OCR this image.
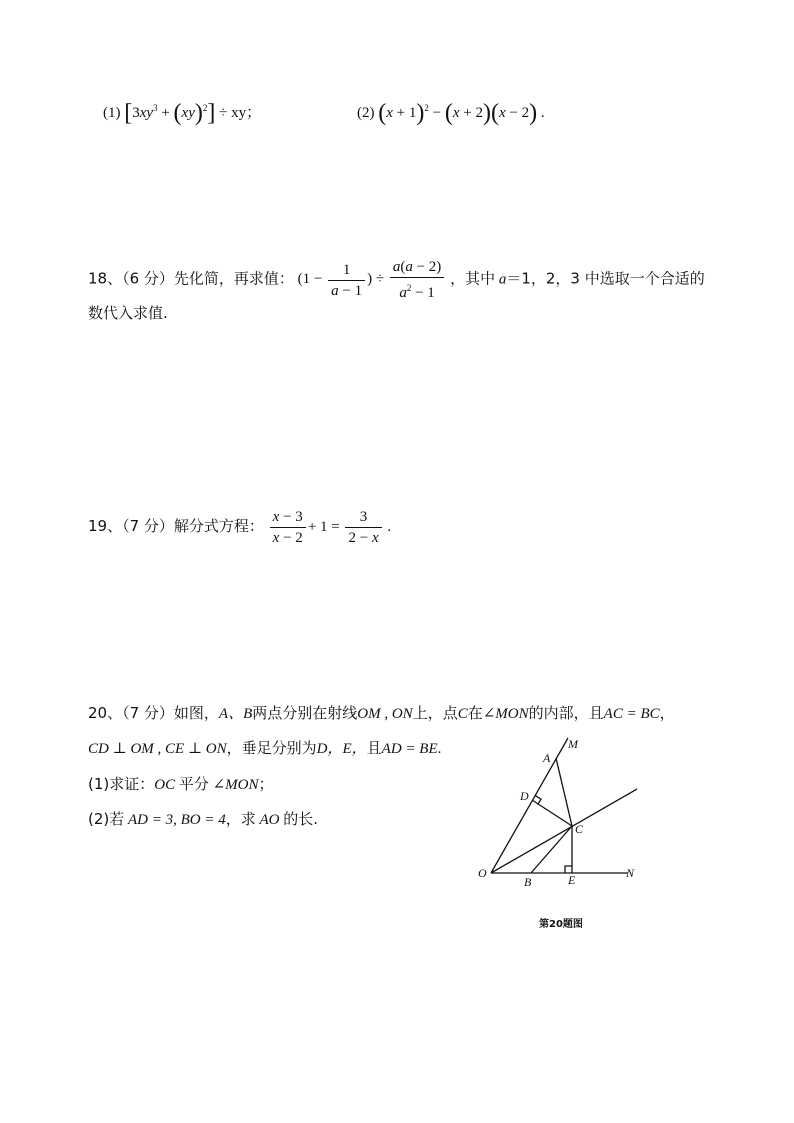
(1) $[3xy^3 + (xy)^2]$ ÷ xy；	(2) $(x + 1)^2 - (x + 2)(x - 2)$ .
18、（6 分）先化简，再求值： ($1 - \frac{1}{a - 1}$ ) ÷ $\frac{a(a - 2)}{a^2 - 1}$ ，其中 a＝1，2，3 中选取一个合适的
数代入求值.
19、（7 分）解分式方程： $\frac{x - 3}{x - 2} + 1 = \frac{3}{2 - x}$ .
20、（7 分）如图，A、B两点分别在射线OM , ON上，点C在∠MON的内部，且AC = BC，
CD ⊥ OM , CE ⊥ ON，垂足分别为D，E，且AD = BE.
(1)求证：OC 平分 ∠MON；
(2)若 AD = 3, BO = 4，求 AO 的长.
A
M
D
C
O
B	E	N
第20题图
